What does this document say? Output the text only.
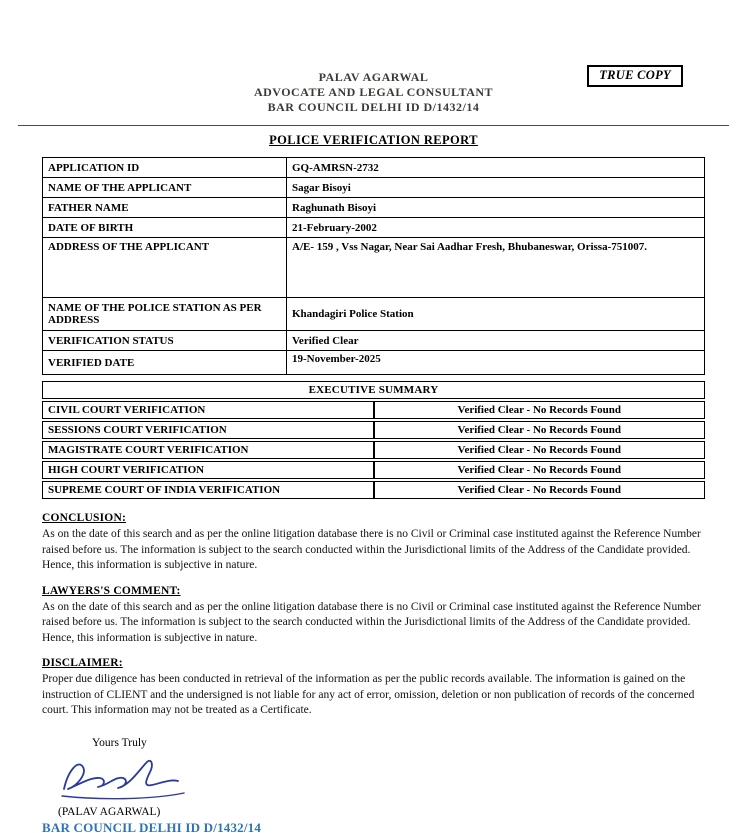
TRUE COPY
PALAV AGARWAL
ADVOCATE AND LEGAL CONSULTANT
BAR COUNCIL DELHI ID D/1432/14
POLICE VERIFICATION REPORT
APPLICATION ID	GQ-AMRSN-2732
NAME OF THE APPLICANT	Sagar Bisoyi
FATHER NAME	Raghunath Bisoyi
DATE OF BIRTH	21-February-2002
ADDRESS OF THE APPLICANT	A/E- 159 , Vss Nagar, Near Sai Aadhar Fresh, Bhubaneswar, Orissa-751007.
NAME OF THE POLICE STATION AS PER ADDRESS	Khandagiri Police Station
VERIFICATION STATUS	Verified Clear
VERIFIED DATE	19-November-2025
EXECUTIVE SUMMARY	
CIVIL COURT VERIFICATION	Verified Clear - No Records Found
SESSIONS COURT VERIFICATION	Verified Clear - No Records Found
MAGISTRATE COURT VERIFICATION	Verified Clear - No Records Found
HIGH COURT VERIFICATION	Verified Clear - No Records Found
SUPREME COURT OF INDIA VERIFICATION	Verified Clear - No Records Found
CONCLUSION:
As on the date of this search and as per the online litigation database there is no Civil or Criminal case instituted against the Reference Number raised before us. The information is subject to the search conducted within the Jurisdictional limits of the Address of the Candidate provided. Hence, this information is subjective in nature.
LAWYERS'S COMMENT:
As on the date of this search and as per the online litigation database there is no Civil or Criminal case instituted against the Reference Number raised before us. The information is subject to the search conducted within the Jurisdictional limits of the Address of the Candidate provided. Hence, this information is subjective in nature.
DISCLAIMER:
Proper due diligence has been conducted in retrieval of the information as per the public records available. The information is gained on the instruction of CLIENT and the undersigned is not liable for any act of error, omission, deletion or non publication of records of the concerned court. This information may not be treated as a Certificate.
Yours Truly
(PALAV AGARWAL)
BAR COUNCIL DELHI ID D/1432/14
